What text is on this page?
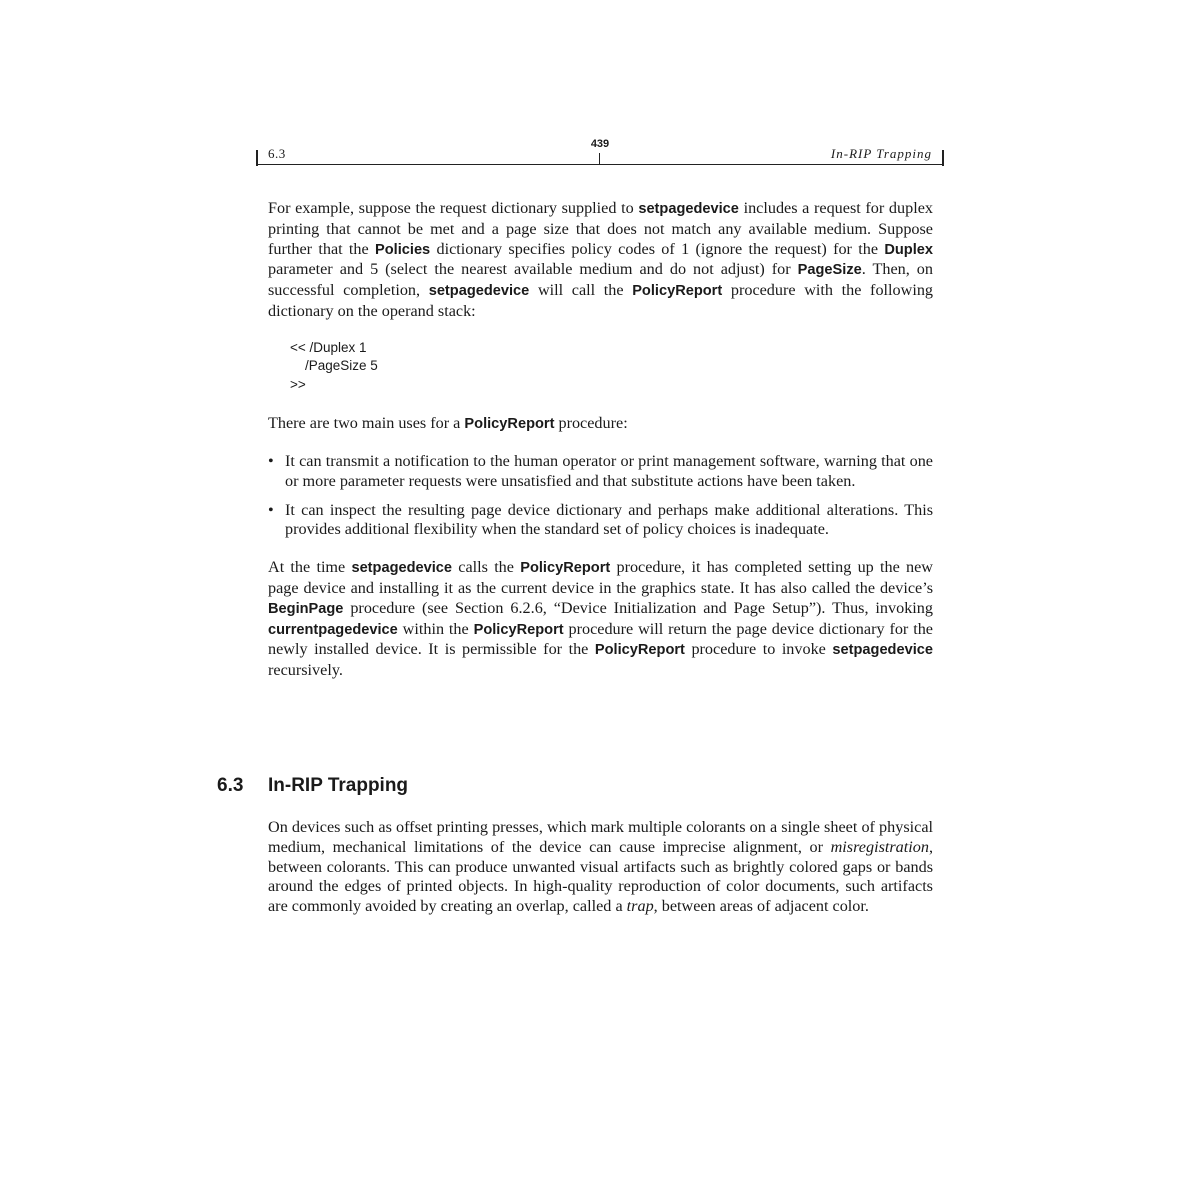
439
6.3	In-RIP Trapping

For example, suppose the request dictionary supplied to setpagedevice includes a request for duplex printing that cannot be met and a page size that does not match any available medium. Suppose further that the Policies dictionary specifies policy codes of 1 (ignore the request) for the Duplex parameter and 5 (select the nearest available medium and do not adjust) for PageSize. Then, on successful completion, setpagedevice will call the PolicyReport procedure with the following dictionary on the operand stack:

<< /Duplex 1
/PageSize 5
>>

There are two main uses for a PolicyReport procedure:

• It can transmit a notification to the human operator or print management software, warning that one or more parameter requests were unsatisfied and that substitute actions have been taken.
• It can inspect the resulting page device dictionary and perhaps make additional alterations. This provides additional flexibility when the standard set of policy choices is inadequate.

At the time setpagedevice calls the PolicyReport procedure, it has completed setting up the new page device and installing it as the current device in the graphics state. It has also called the device’s BeginPage procedure (see Section 6.2.6, “Device Initialization and Page Setup”). Thus, invoking currentpagedevice within the PolicyReport procedure will return the page device dictionary for the newly installed device. It is permissible for the PolicyReport procedure to invoke setpagedevice recursively.

6.3 In-RIP Trapping

On devices such as offset printing presses, which mark multiple colorants on a single sheet of physical medium, mechanical limitations of the device can cause imprecise alignment, or misregistration, between colorants. This can produce unwanted visual artifacts such as brightly colored gaps or bands around the edges of printed objects. In high-quality reproduction of color documents, such artifacts are commonly avoided by creating an overlap, called a trap, between areas of adjacent color.
